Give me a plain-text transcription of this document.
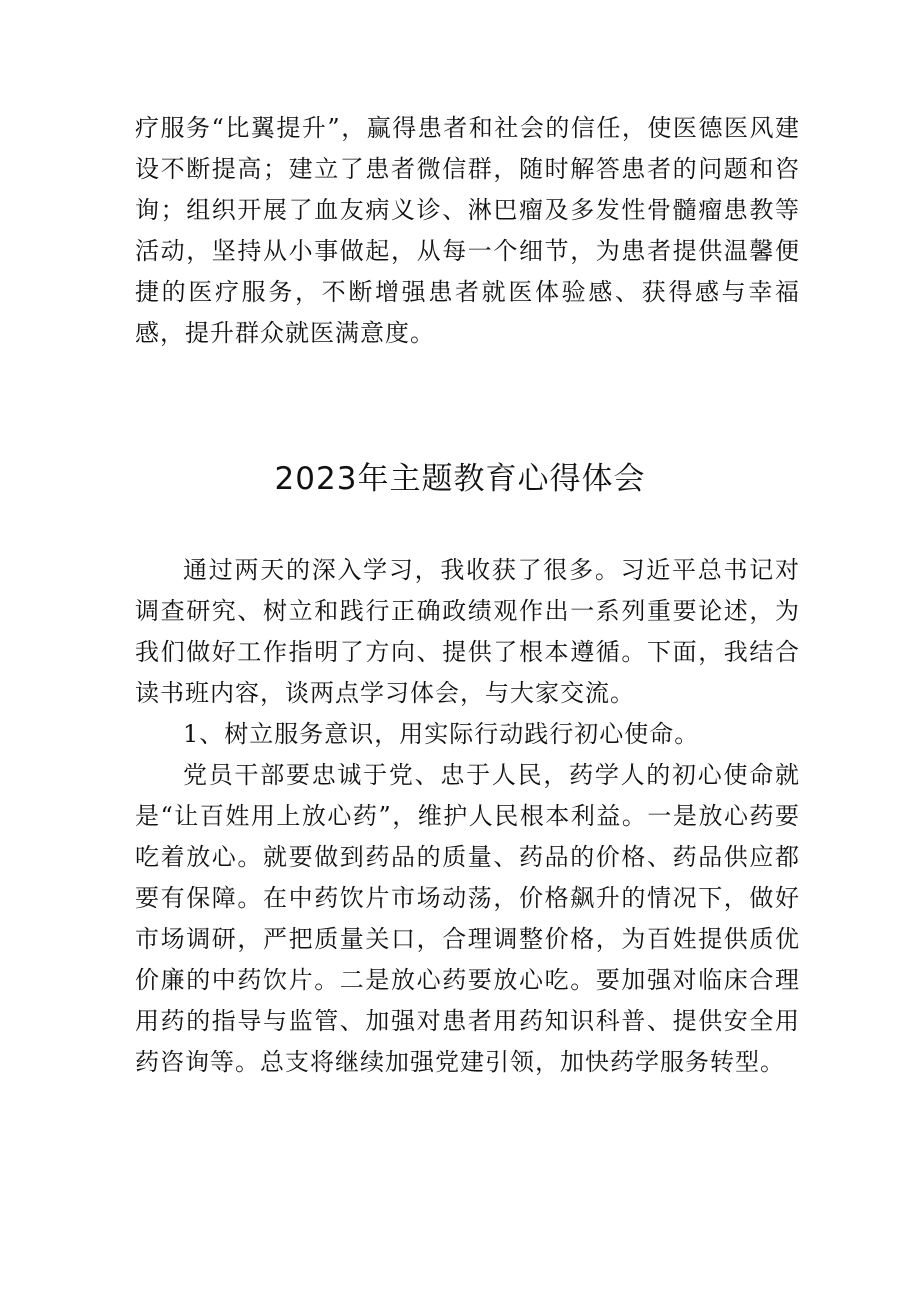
疗服务“比翼提升”，赢得患者和社会的信任，使医德医风建设不断提高；建立了患者微信群，随时解答患者的问题和咨询；组织开展了血友病义诊、淋巴瘤及多发性骨髓瘤患教等活动，坚持从小事做起，从每一个细节，为患者提供温馨便捷的医疗服务，不断增强患者就医体验感、获得感与幸福感，提升群众就医满意度。

2023年主题教育心得体会

通过两天的深入学习，我收获了很多。习近平总书记对调查研究、树立和践行正确政绩观作出一系列重要论述，为我们做好工作指明了方向、提供了根本遵循。下面，我结合读书班内容，谈两点学习体会，与大家交流。

1、树立服务意识，用实际行动践行初心使命。

党员干部要忠诚于党、忠于人民，药学人的初心使命就是“让百姓用上放心药”，维护人民根本利益。一是放心药要吃着放心。就要做到药品的质量、药品的价格、药品供应都要有保障。在中药饮片市场动荡，价格飙升的情况下，做好市场调研，严把质量关口，合理调整价格，为百姓提供质优价廉的中药饮片。二是放心药要放心吃。要加强对临床合理用药的指导与监管、加强对患者用药知识科普、提供安全用药咨询等。总支将继续加强党建引领，加快药学服务转型。
